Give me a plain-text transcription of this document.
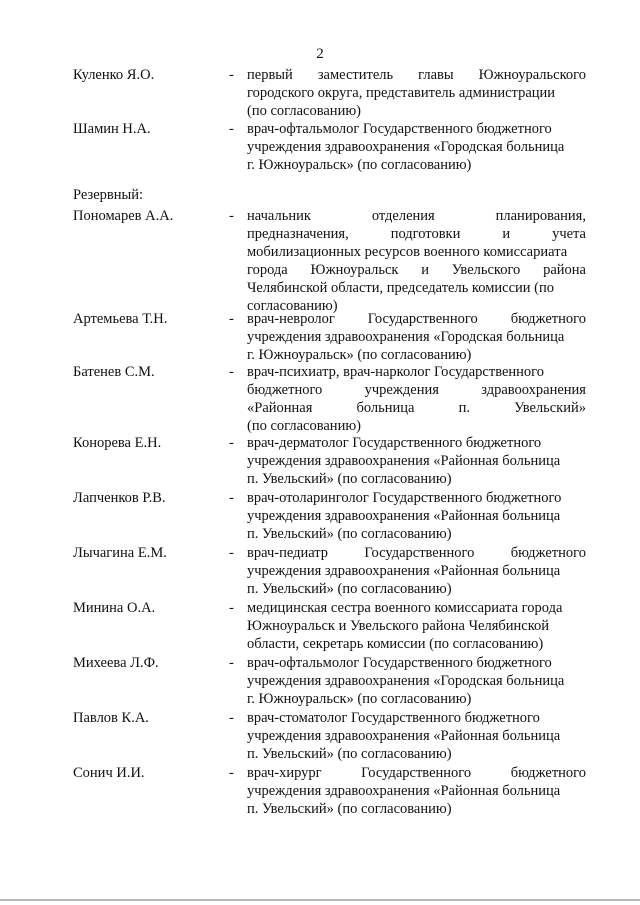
2
Резервный:
Куленко Я.О.	- первый заместитель главы Южноуральского
городского округа, представитель администрации
(по согласованию)
Шамин Н.А.	- врач-офтальмолог Государственного бюджетного
учреждения здравоохранения «Городская больница
г. Южноуральск» (по согласованию)
Пономарев А.А.	- начальник	отделения	планирования,
предназначения,	подготовки	и	учета
мобилизационных ресурсов военного комиссариата
города Южноуральск и Увельского района
Челябинской области, председатель комиссии (по
согласованию)
Артемьева Т.Н.	- врач-невролог Государственного бюджетного
учреждения здравоохранения «Городская больница
г. Южноуральск» (по согласованию)
Батенев С.М.	- врач-психиатр, врач-нарколог Государственного
бюджетного	учреждения	здравоохранения
«Районная	больница	п.	Увельский»
(по согласованию)
Конорева Е.Н.	- врач-дерматолог Государственного бюджетного
учреждения здравоохранения «Районная больница
п. Увельский» (по согласованию)
Лапченков Р.В.	- врач-отоларинголог Государственного бюджетного
учреждения здравоохранения «Районная больница
п. Увельский» (по согласованию)
Лычагина Е.М.	- врач-педиатр	Государственного	бюджетного
учреждения здравоохранения «Районная больница
п. Увельский» (по согласованию)
Минина О.А.	- медицинская сестра военного комиссариата города
Южноуральск и Увельского района Челябинской
области, секретарь комиссии (по согласованию)
Михеева Л.Ф.	- врач-офтальмолог Государственного бюджетного
учреждения здравоохранения «Городская больница
г. Южноуральск» (по согласованию)
Павлов К.А.	- врач-стоматолог Государственного бюджетного
учреждения здравоохранения «Районная больница
п. Увельский» (по согласованию)
Сонич И.И.	- врач-хирург	Государственного	бюджетного
учреждения здравоохранения «Районная больница
п. Увельский» (по согласованию)
